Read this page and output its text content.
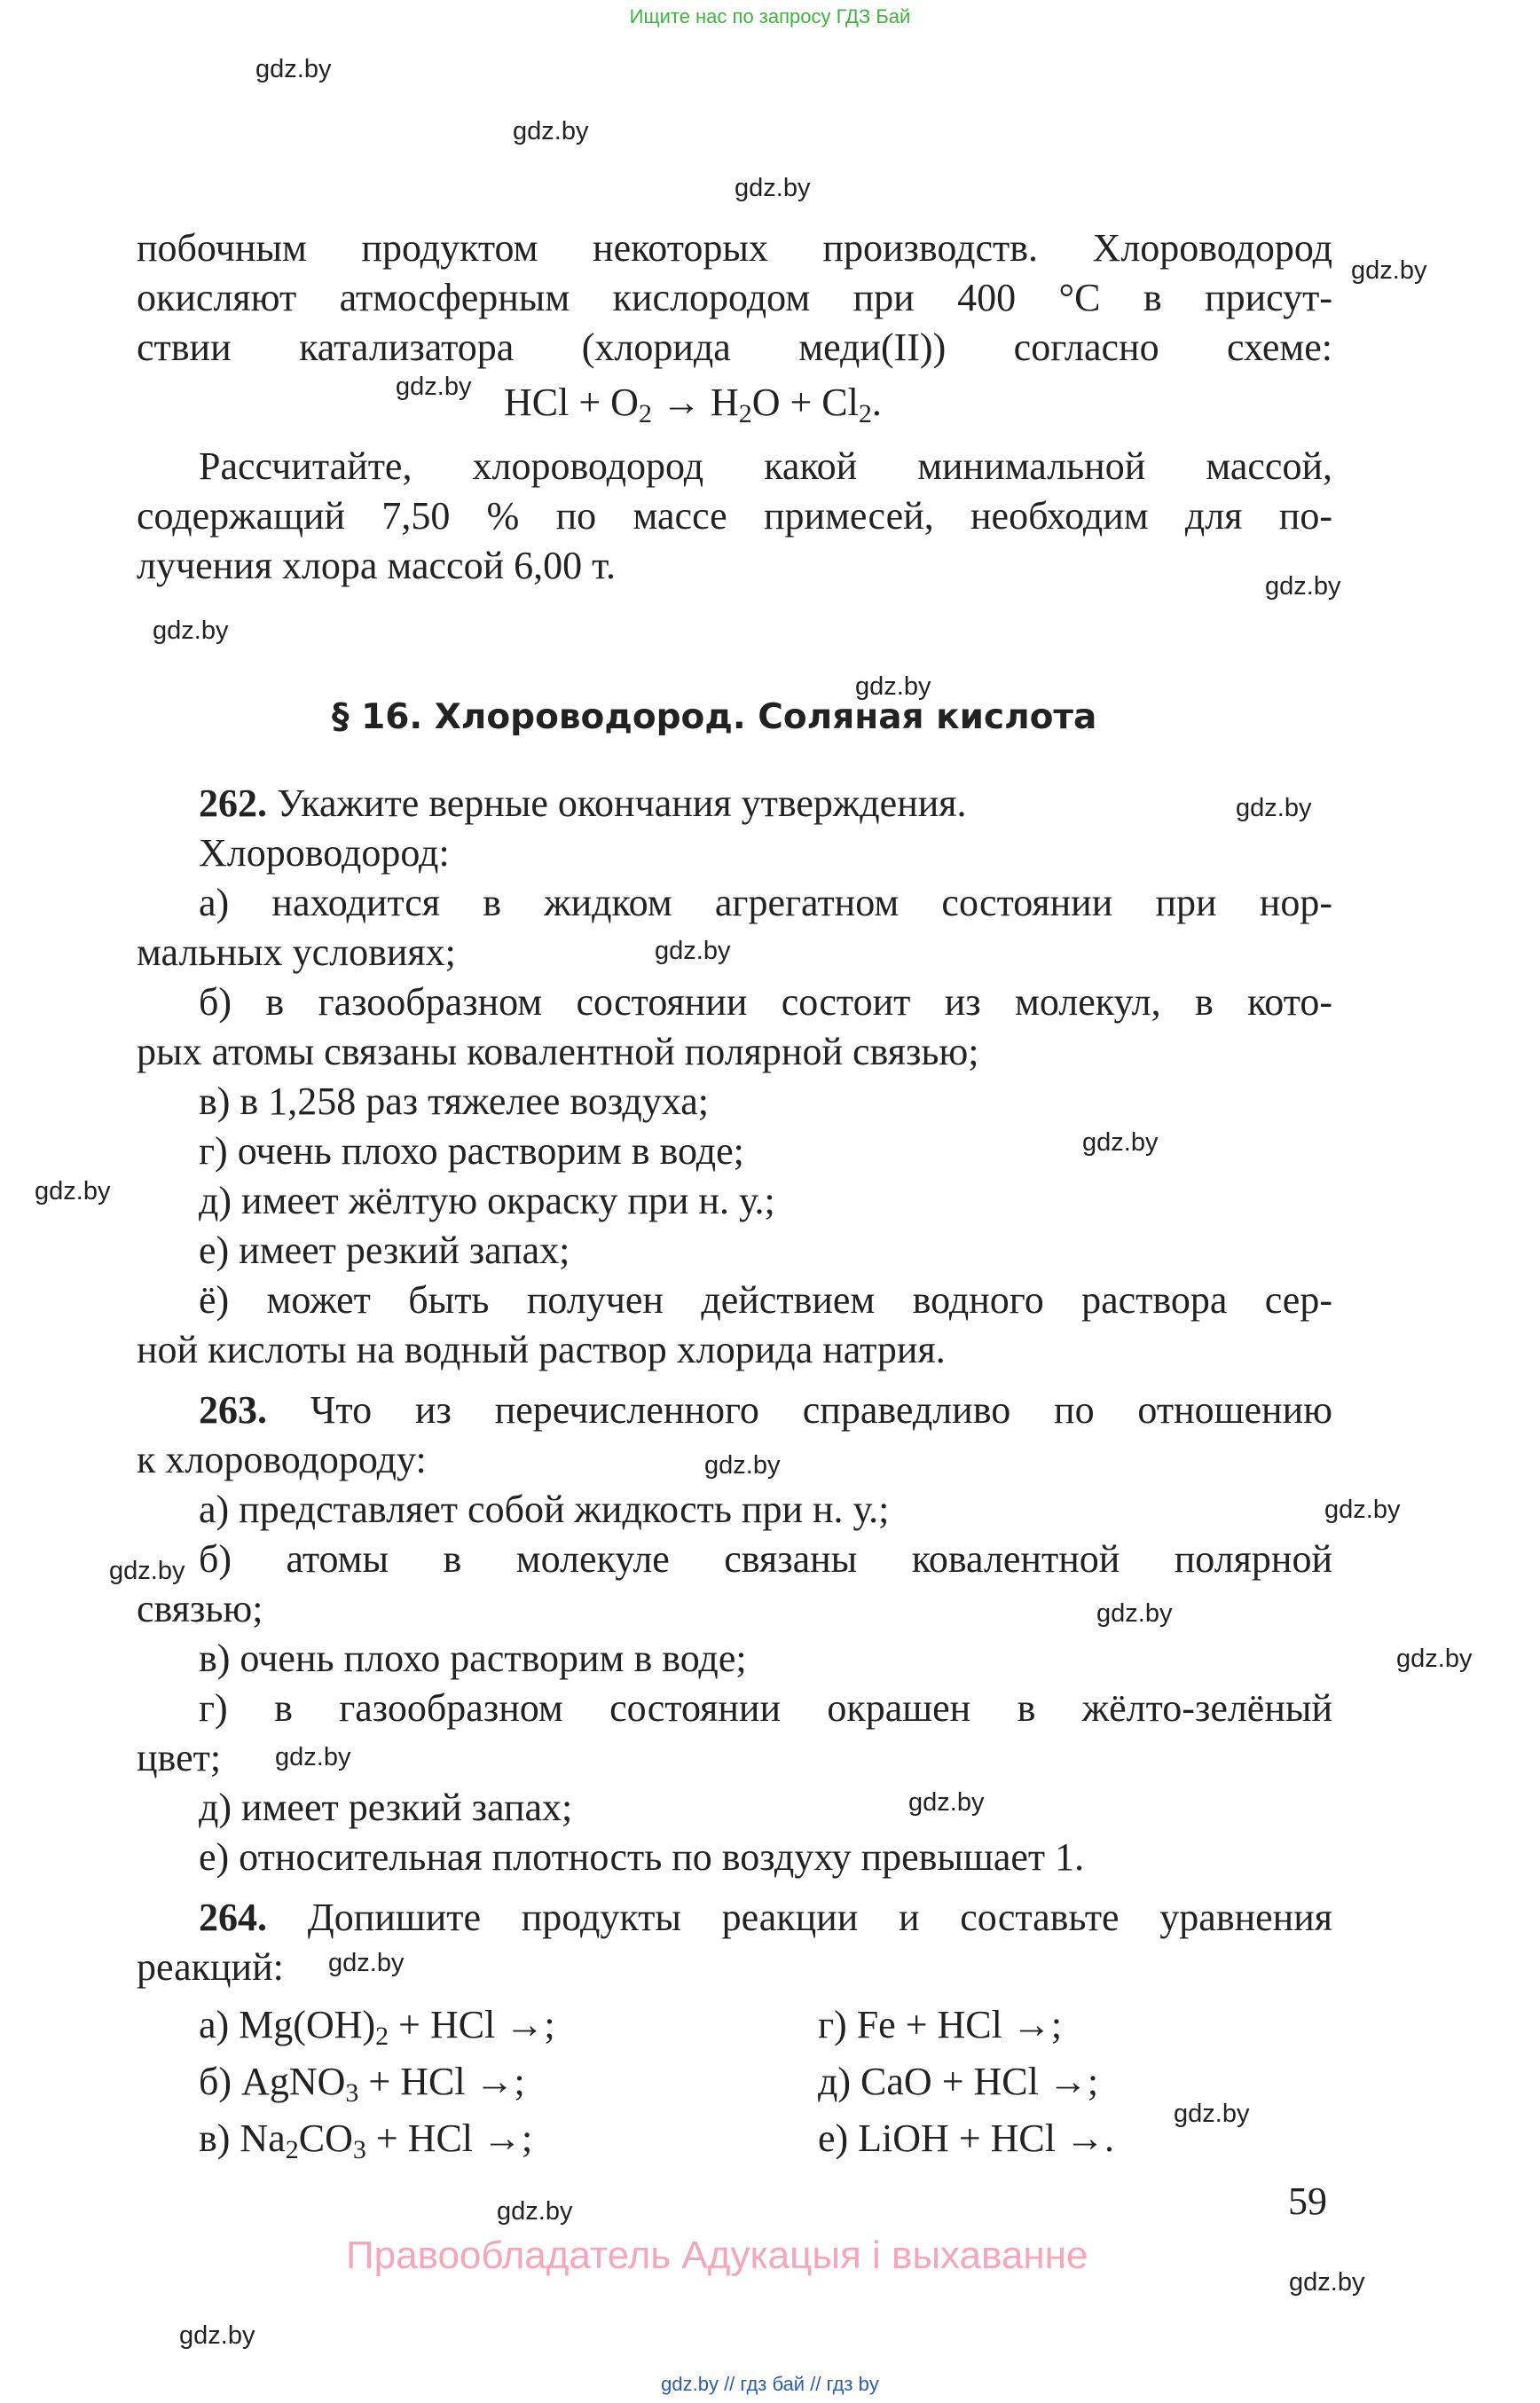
Ищите нас по запросу ГДЗ Бай
gdz.by
gdz.by
gdz.by
gdz.by
gdz.by
gdz.by
gdz.by
gdz.by
gdz.by
gdz.by
gdz.by
gdz.by
gdz.by
gdz.by
gdz.by
gdz.by
gdz.by
gdz.by
gdz.by
gdz.by
gdz.by
gdz.by
gdz.by
gdz.by
побочным продуктом некоторых производств. Хлороводород
окисляют атмосферным кислородом при 400 °C в присут-
ствии катализатора (хлорида меди(II)) согласно схеме:
HCl + $O_2 \to H_2O + Cl_2$.
Рассчитайте, хлороводород какой минимальной массой,
содержащий 7,50 % по массе примесей, необходим для по-
лучения хлора массой 6,00 т.
§ 16. Хлороводород. Соляная кислота
262. Укажите верные окончания утверждения.
Хлороводород:
а) находится в жидком агрегатном состоянии при нор-
мальных условиях;
б) в газообразном состоянии состоит из молекул, в кото-
рых атомы связаны ковалентной полярной связью;
в) в 1,258 раз тяжелее воздуха;
г) очень плохо растворим в воде;
д) имеет жёлтую окраску при н. у.;
е) имеет резкий запах;
ё) может быть получен действием водного раствора сер-
ной кислоты на водный раствор хлорида натрия.
263. Что из перечисленного справедливо по отношению
к хлороводороду:
а) представляет собой жидкость при н. у.;
б) атомы в молекуле связаны ковалентной полярной
связью;
в) очень плохо растворим в воде;
г) в газообразном состоянии окрашен в жёлто-зелёный
цвет;
д) имеет резкий запах;
е) относительная плотность по воздуху превышает 1.
264. Допишите продукты реакции и составьте уравнения
реакций:
а) $Mg(OH)_2$ + HCl →;
б) AgNO$_3$ + HCl →;
в) $Na_2CO_3$ + HCl →;
г) Fe + HCl →;
д) CaO + HCl →;
е) LiOH + HCl →.
59
Правообладатель Адукацыя і выхаванне
gdz.by // гдз бай // гдз by
